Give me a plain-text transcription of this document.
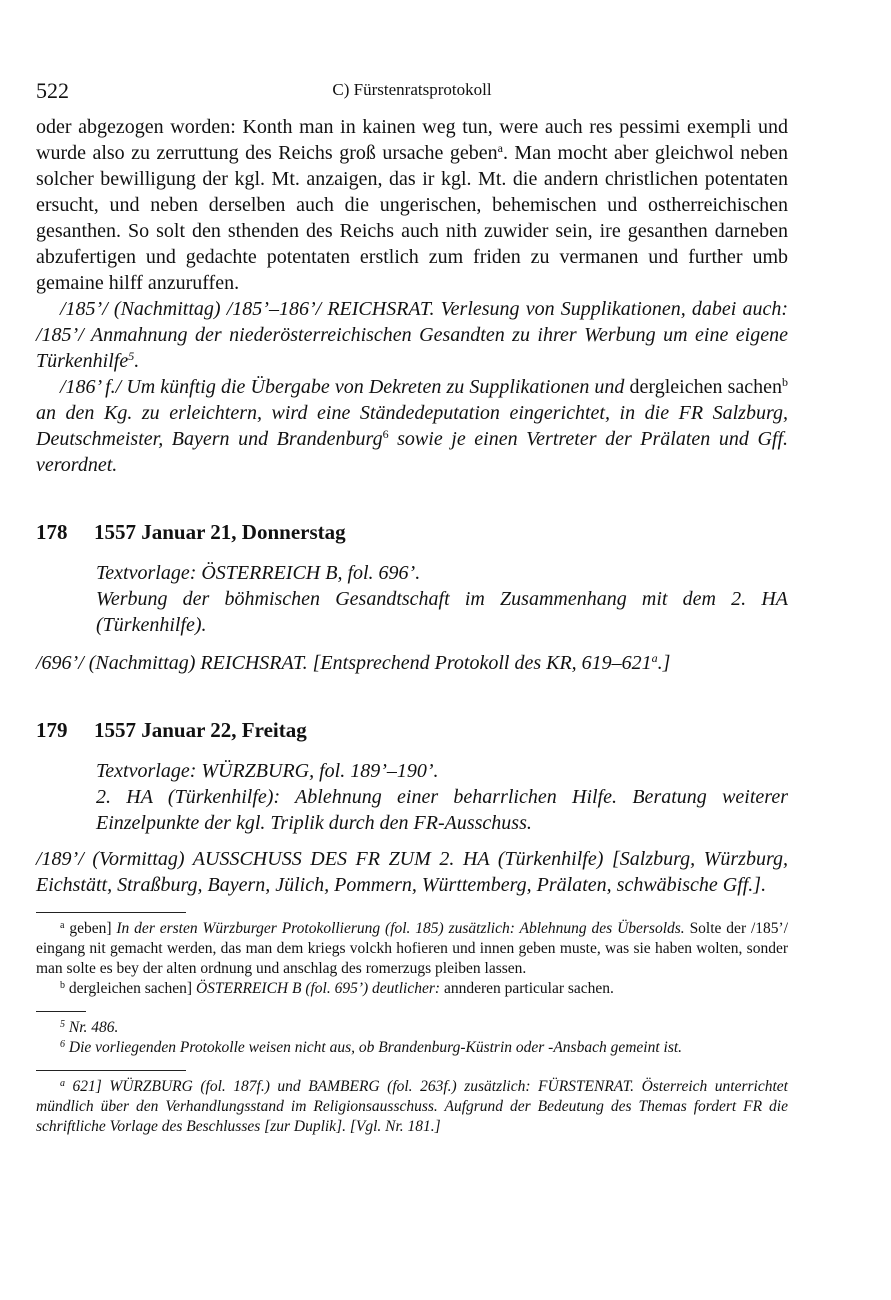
522	C) Fürstenratsprotokoll

oder abgezogen worden: Konth man in kainen weg tun, were auch res pessimi exempli und wurde also zu zerruttung des Reichs groß ursache geben$^a$. Man mocht aber gleichwol neben solcher bewilligung der kgl. Mt. anzaigen, das ir kgl. Mt. die andern christlichen potentaten ersucht, und neben derselben auch die ungerischen, behemischen und ostherreichischen gesanthen. So solt den sthenden des Reichs auch nith zuwider sein, ire gesanthen darneben abzufertigen und gedachte potentaten erstlich zum friden zu vermanen und further umb gemaine hilff anzuruffen.

/185’/ (Nachmittag) /185’–186’/ REICHSRAT. Verlesung von Supplikationen, dabei auch: /185’/ Anmahnung der niederösterreichischen Gesandten zu ihrer Werbung um eine eigene Türkenhilfe$^5$.

/186’ f./ Um künftig die Übergabe von Dekreten zu Supplikationen und dergleichen sachen$^b$ an den Kg. zu erleichtern, wird eine Ständedeputation eingerichtet, in die FR Salzburg, Deutschmeister, Bayern und Brandenburg$^6$ sowie je einen Vertreter der Prälaten und Gff. verordnet.

178 1557 Januar 21, Donnerstag

Textvorlage: ÖSTERREICH B, fol. 696’.

Werbung der böhmischen Gesandtschaft im Zusammenhang mit dem 2. HA (Türkenhilfe).

/696’/ (Nachmittag) REICHSRAT. [Entsprechend Protokoll des KR, 619–621$^a$.]
179 1557 Januar 22, Freitag

Textvorlage: WÜRZBURG, fol. 189’–190’.

2. HA (Türkenhilfe): Ablehnung einer beharrlichen Hilfe. Beratung weiterer Einzelpunkte der kgl. Triplik durch den FR-Ausschuss.

/189’/ (Vormittag) AUSSCHUSS DES FR ZUM 2. HA (Türkenhilfe) [Salzburg, Würzburg, Eichstätt, Straßburg, Bayern, Jülich, Pommern, Württemberg, Prälaten, schwäbische Gff.].

$^a$ geben] In der ersten Würzburger Protokollierung (fol. 185) zusätzlich: Ablehnung des Übersolds. Solte der /185’/ eingang nit gemacht werden, das man dem kriegs volckh hofieren und innen geben muste, was sie haben wolten, sonder man solte es bey der alten ordnung und anschlag des romerzugs pleiben lassen.

$^b$ dergleichen sachen] ÖSTERREICH B (fol. 695’) deutlicher: annderen particular sachen.

$^5$ Nr. 486.

$^6$ Die vorliegenden Protokolle weisen nicht aus, ob Brandenburg-Küstrin oder -Ansbach gemeint ist.

$^a$ 621] WÜRZBURG (fol. 187f.) und BAMBERG (fol. 263f.) zusätzlich: FÜRSTENRAT. Österreich unterrichtet mündlich über den Verhandlungsstand im Religionsausschuss. Aufgrund der Bedeutung des Themas fordert FR die schriftliche Vorlage des Beschlusses [zur Duplik]. [Vgl. Nr. 181.]
